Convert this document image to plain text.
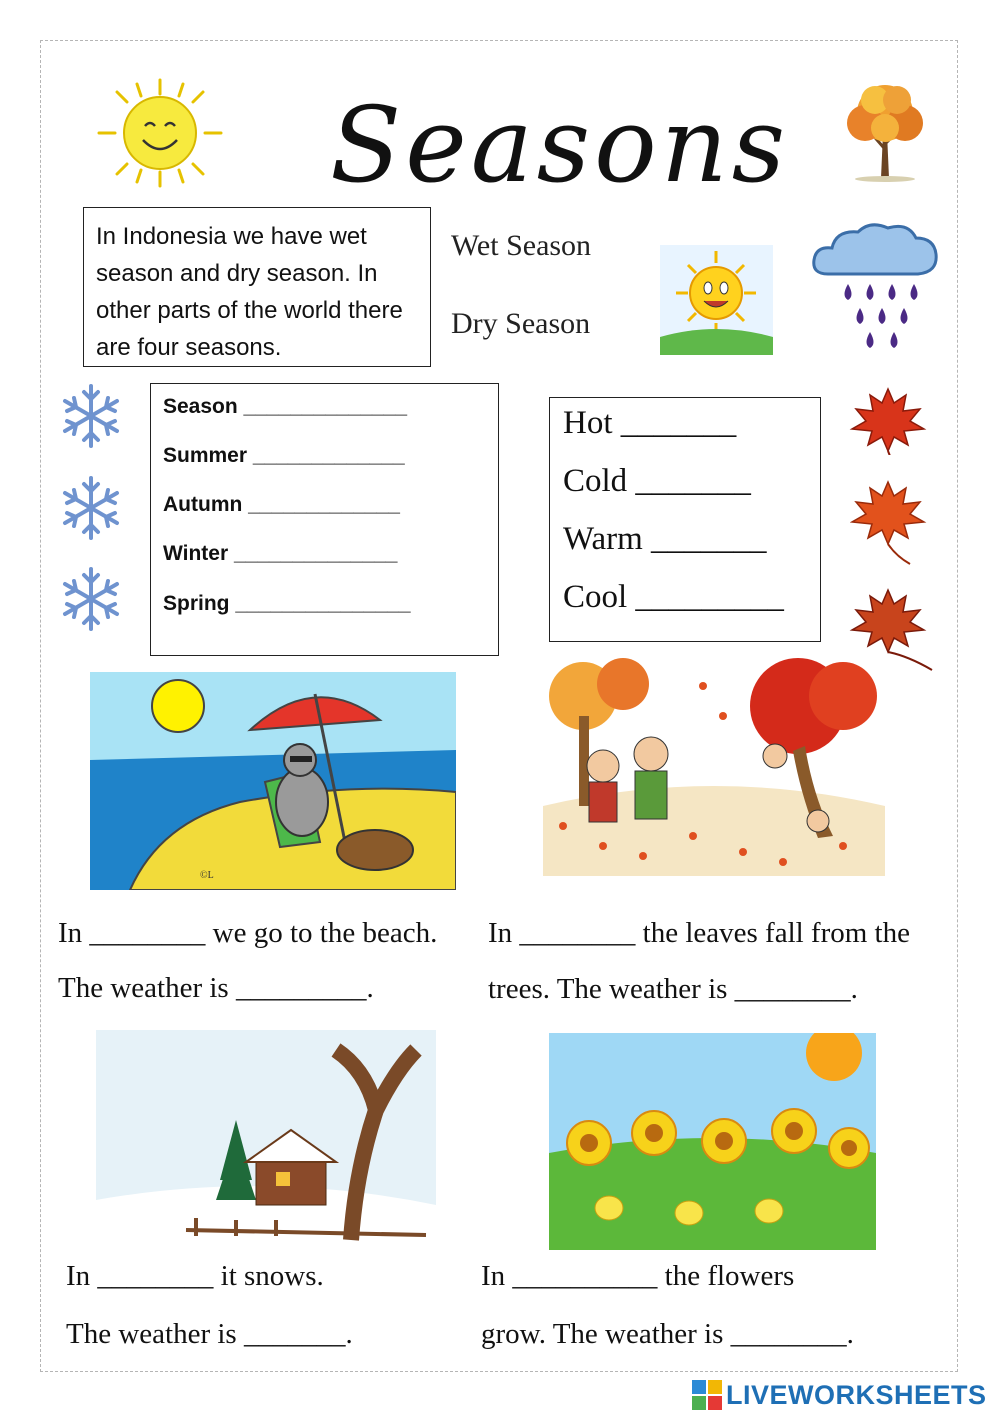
Seasons
In Indonesia we have wet season and dry season. In other parts of the world there are four seasons.
Wet Season
Dry Season
Season ______________
Summer _____________
Autumn _____________
Winter ______________
Spring _______________
Hot _______
Cold _______
Warm _______
Cool _________
©L
In ________ we go to the beach.
The weather is _________.
In ________ the leaves fall from the
trees. The weather is ________.
In ________ it snows.
The weather is _______.
In __________ the flowers
grow. The weather is ________.
LIVEWORKSHEETS
